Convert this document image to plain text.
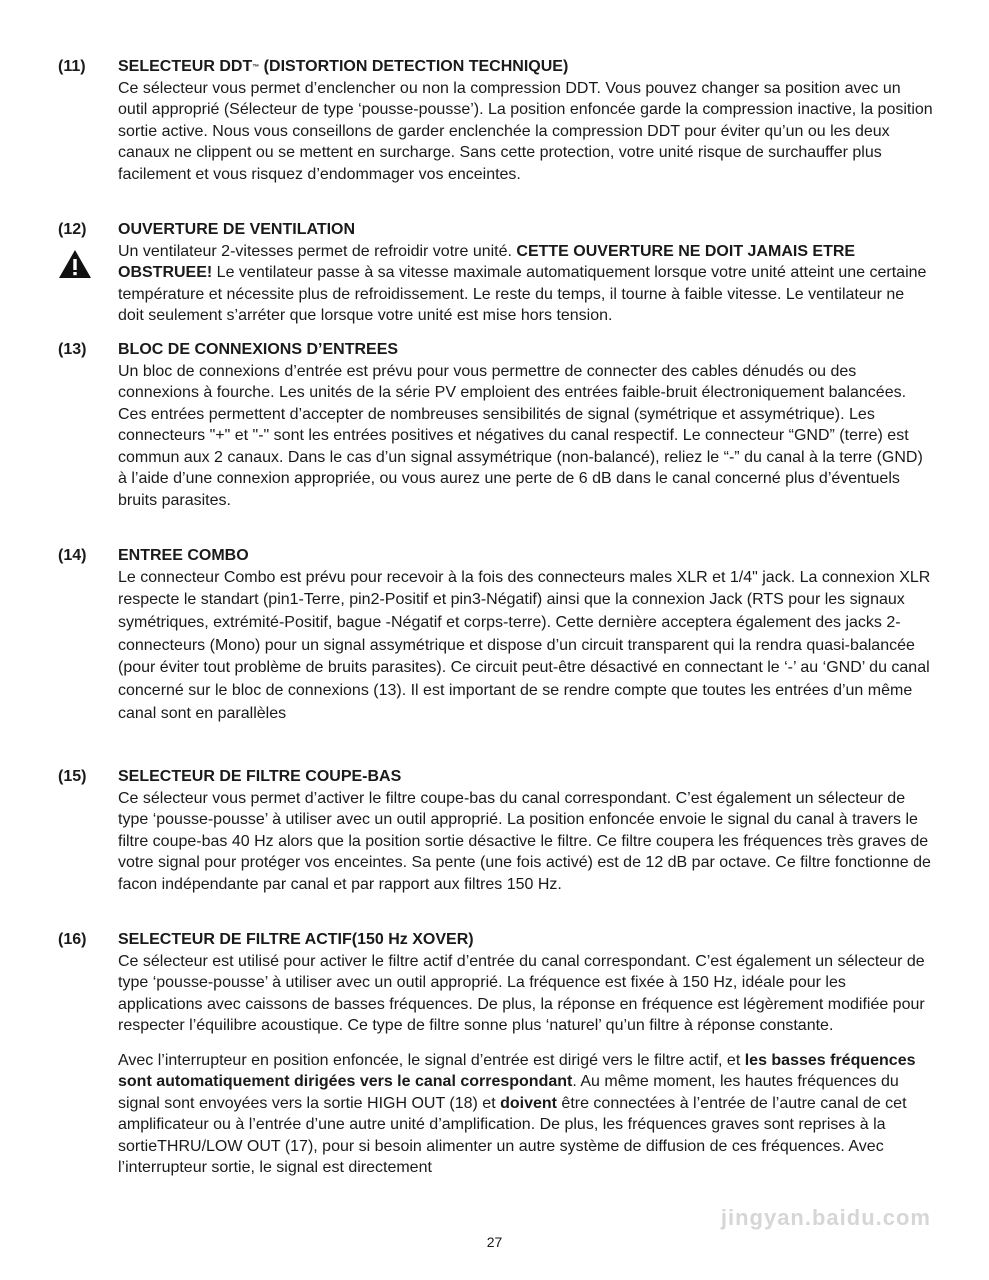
(11) SELECTEUR DDT™ (DISTORTION DETECTION TECHNIQUE)
Ce sélecteur vous permet d’enclencher ou non la compression DDT. Vous pouvez changer sa position avec un outil approprié (Sélecteur de type ‘pousse-pousse’). La position enfoncée garde la compression inactive, la position sortie active. Nous vous conseillons de garder enclenchée la compression DDT pour éviter qu’un ou les deux canaux ne clippent ou se mettent en surcharge. Sans cette protection, votre unité risque de surchauffer plus facilement et vous risquez d’endommager vos enceintes.
(12) OUVERTURE DE VENTILATION
Un ventilateur 2-vitesses permet de refroidir votre unité. CETTE OUVERTURE NE DOIT JAMAIS ETRE OBSTRUEE! Le ventilateur passe à sa vitesse maximale automatiquement lorsque votre unité atteint une certaine température et nécessite plus de refroidissement. Le reste du temps, il tourne à faible vitesse. Le ventilateur ne doit seulement s’arréter que lorsque votre unité est mise hors tension.
(13) BLOC DE CONNEXIONS D’ENTREES
Un bloc de connexions d’entrée est prévu pour vous permettre de connecter des cables dénudés ou des connexions à fourche. Les unités de la série PV emploient des entrées faible-bruit électroniquement balancées. Ces entrées permettent d’accepter de nombreuses sensibilités de signal (symétrique et assymétrique). Les connecteurs "+" et "-" sont les entrées positives et négatives du canal respectif. Le connecteur “GND” (terre) est commun aux 2 canaux. Dans le cas d’un signal assymétrique (non-balancé), reliez le “-” du canal à la terre (GND) à l’aide d’une connexion appropriée, ou vous aurez une perte de 6 dB dans le canal concerné plus d’éventuels bruits parasites.
(14) ENTREE COMBO
Le connecteur Combo est prévu pour recevoir à la fois des connecteurs males XLR et 1/4" jack. La connexion XLR respecte le standart (pin1-Terre, pin2-Positif et pin3-Négatif) ainsi que la connexion Jack (RTS pour les signaux symétriques, extrémité-Positif, bague -Négatif et corps-terre). Cette dernière acceptera également des jacks 2-connecteurs (Mono) pour un signal assymétrique et dispose d’un circuit transparent qui la rendra quasi-balancée (pour éviter tout problème de bruits parasites). Ce circuit peut-être désactivé en connectant le ‘-’ au ‘GND’ du canal concerné sur le bloc de connexions (13). Il est important de se rendre compte que toutes les entrées d’un même canal sont en parallèles
(15) SELECTEUR DE FILTRE COUPE-BAS
Ce sélecteur vous permet d’activer le filtre coupe-bas du canal correspondant. C’est également un sélecteur de type ‘pousse-pousse’ à utiliser avec un outil approprié. La position enfoncée envoie le signal du canal à travers le filtre coupe-bas 40 Hz alors que la position sortie désactive le filtre. Ce filtre coupera les fréquences très graves de votre signal pour protéger vos enceintes. Sa pente (une fois activé) est de 12 dB par octave. Ce filtre fonctionne de facon indépendante par canal et par rapport aux filtres 150 Hz.
(16) SELECTEUR DE FILTRE ACTIF(150 Hz XOVER)
Ce sélecteur est utilisé pour activer le filtre actif d’entrée du canal correspondant. C’est également un sélecteur de type ‘pousse-pousse’ à utiliser avec un outil approprié. La fréquence est fixée à 150 Hz, idéale pour les applications avec caissons de basses fréquences. De plus, la réponse en fréquence est légèrement modifiée pour respecter l’équilibre acoustique. Ce type de filtre sonne plus ‘naturel’ qu’un filtre à réponse constante.
Avec l’interrupteur en position enfoncée, le signal d’entrée est dirigé vers le filtre actif, et les basses fréquences sont automatiquement dirigées vers le canal correspondant. Au même moment, les hautes fréquences du signal sont envoyées vers la sortie HIGH OUT (18) et doivent être connectées à l’entrée de l’autre canal de cet amplificateur ou à l’entrée d’une autre unité d’amplification. De plus, les fréquences graves sont reprises à la sortieTHRU/LOW OUT (17), pour si besoin alimenter un autre système de diffusion de ces fréquences. Avec l’interrupteur sortie, le signal est directement
jingyan.baidu.com
27
